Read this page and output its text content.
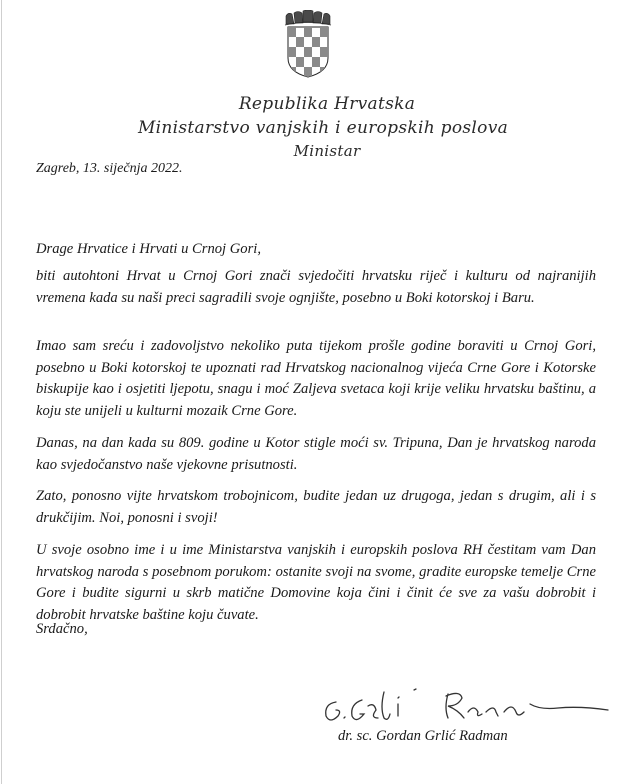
Republika Hrvatska
Ministarstvo vanjskih i europskih poslova
Ministar
Zagreb, 13. siječnja 2022.
Drage Hrvatice i Hrvati u Crnoj Gori,
biti autohtoni Hrvat u Crnoj Gori znači svjedočiti hrvatsku riječ i kulturu od najranijih vremena kada su naši preci sagradili svoje ognjište, posebno u Boki kotorskoj i Baru.
Imao sam sreću i zadovoljstvo nekoliko puta tijekom prošle godine boraviti u Crnoj Gori, posebno u Boki kotorskoj te upoznati rad Hrvatskog nacionalnog vijeća Crne Gore i Kotorske biskupije kao i osjetiti ljepotu, snagu i moć Zaljeva svetaca koji krije veliku hrvatsku baštinu, a koju ste unijeli u kulturni mozaik Crne Gore.
Danas, na dan kada su 809. godine u Kotor stigle moći sv. Tripuna, Dan je hrvatskog naroda kao svjedočanstvo naše vjekovne prisutnosti.
Zato, ponosno vijte hrvatskom trobojnicom, budite jedan uz drugoga, jedan s drugim, ali i s drukčijim. Noi, ponosni i svoji!
U svoje osobno ime i u ime Ministarstva vanjskih i europskih poslova RH čestitam vam Dan hrvatskog naroda s posebnom porukom: ostanite svoji na svome, gradite europske temelje Crne Gore i budite sigurni u skrb matične Domovine koja čini i činit će sve za vašu dobrobit i dobrobit hrvatske baštine koju čuvate.
Srdačno,
dr. sc. Gordan Grlić Radman
